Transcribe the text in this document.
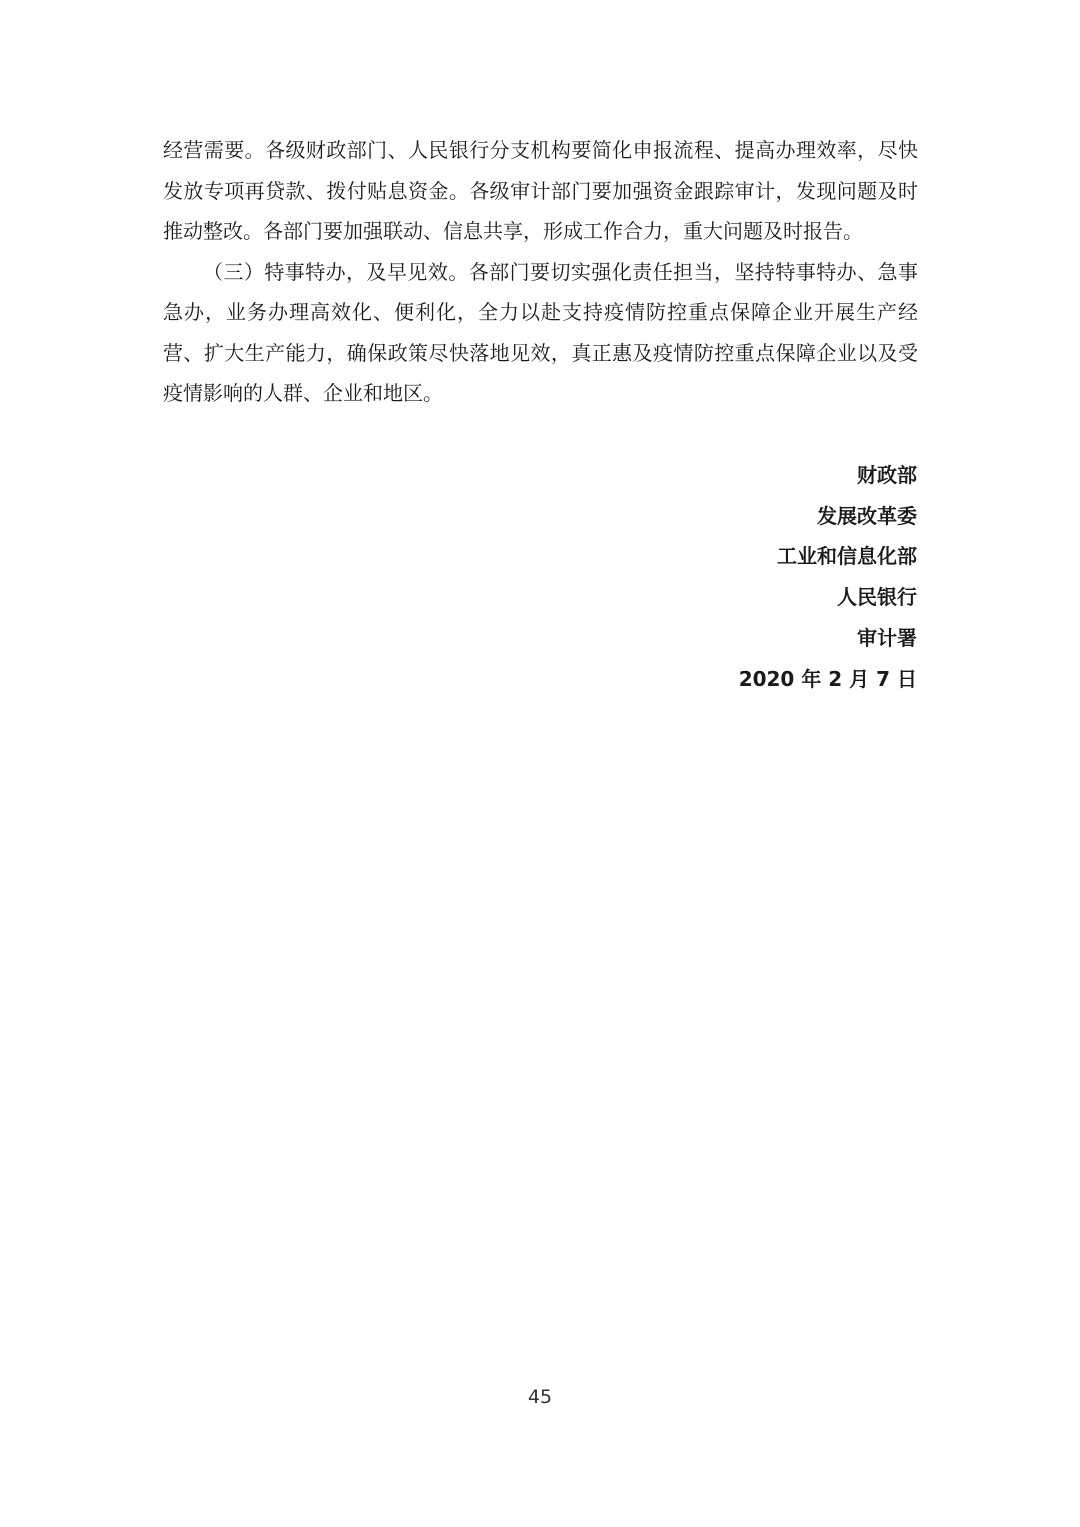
经营需要。各级财政部门、人民银行分支机构要简化申报流程、提高办理效率，尽快发放专项再贷款、拨付贴息资金。各级审计部门要加强资金跟踪审计，发现问题及时推动整改。各部门要加强联动、信息共享，形成工作合力，重大问题及时报告。

（三）特事特办，及早见效。各部门要切实强化责任担当，坚持特事特办、急事急办，业务办理高效化、便利化，全力以赴支持疫情防控重点保障企业开展生产经营、扩大生产能力，确保政策尽快落地见效，真正惠及疫情防控重点保障企业以及受疫情影响的人群、企业和地区。

财政部
发展改革委
工业和信息化部
人民银行
审计署
2020 年 2 月 7 日
45
